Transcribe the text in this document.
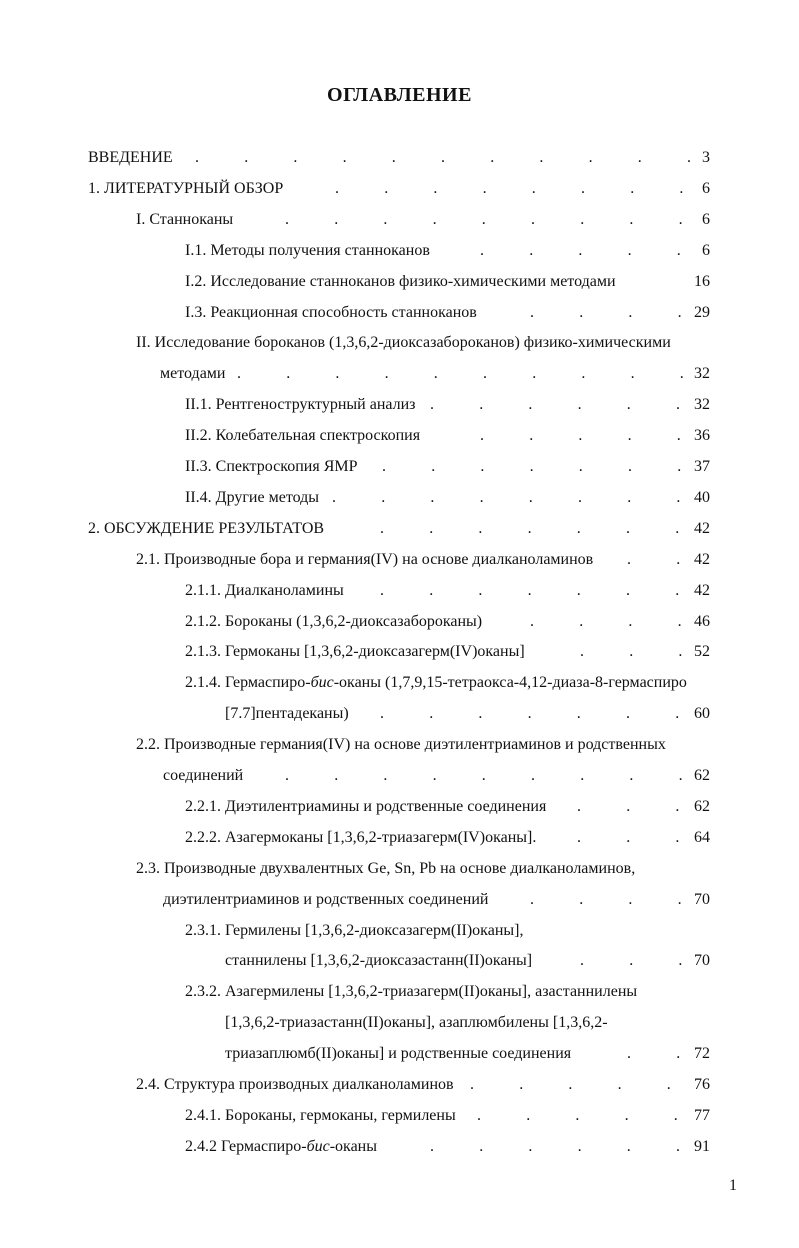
ОГЛАВЛЕНИЕ
ВВЕДЕНИЕ	3
.	.	.	.	.	.	.	.	.	.	.
1. ЛИТЕРАТУРНЫЙ ОБЗОР	6
.	.	.	.	.	.	.	.
I. Станноканы	6
.	.	.	.	.	.	.	.	.
I.1. Методы получения станноканов	6
.	.	.	.	.
I.2. Исследование станноканов физико-химическими методами	16
I.3. Реакционная способность станноканов	29
.	.	.	.
II. Исследование бороканов (1,3,6,2-диоксазабороканов) физико-химическими
методами	32
.	.	.	.	.	.	.	.	.	.
II.1. Рентгеноструктурный анализ	32
.	.	.	.	.	.
II.2. Колебательная спектроскопия	36
.	.	.	.	.
II.3. Спектроскопия ЯМР	37
.	.	.	.	.	.	.
II.4. Другие методы	40
.	.	.	.	.	.	.	.
2. ОБСУЖДЕНИЕ РЕЗУЛЬТАТОВ	42
.	.	.	.	.	.	.
2.1. Производные бора и германия(IV) на основе диалканоламинов	42
.	.
2.1.1. Диалканоламины	42
.	.	.	.	.	.	.
2.1.2. Бороканы (1,3,6,2-диоксазабороканы)	46
.	.	.	.
2.1.3. Гермоканы [1,3,6,2-диоксазагерм(IV)оканы]	52
.	.	.
2.1.4. Гермаспиро-бис-оканы (1,7,9,15-тетраокса-4,12-диаза-8-гермаспиро
[7.7]пентадеканы)	60
.	.	.	.	.	.	.
2.2. Производные германия(IV) на основе диэтилентриаминов и родственных
соединений	62
.	.	.	.	.	.	.	.	.
2.2.1. Диэтилентриамины и родственные соединения	62
.	.	.
2.2.2. Азагермоканы [1,3,6,2-триазагерм(IV)оканы].	64
.	.	.
2.3. Производные двухвалентных Ge, Sn, Pb на основе диалканоламинов,
диэтилентриаминов и родственных соединений	70
.	.	.	.
2.3.1. Гермилены [1,3,6,2-диоксазагерм(II)оканы],
станнилены [1,3,6,2-диоксазастанн(II)оканы]	70
.	.	.
2.3.2. Азагермилены [1,3,6,2-триазагерм(II)оканы], азастаннилены
[1,3,6,2-триазастанн(II)оканы], азаплюмбилены [1,3,6,2-
триазаплюмб(II)оканы] и родственные соединения	72
.	.
2.4. Структура производных диалканоламинов	76
.	.	.	.	.
2.4.1. Бороканы, гермоканы, гермилены	77
.	.	.	.	.
2.4.2 Гермаспиро-бис-оканы	91
.	.	.	.	.	.
1
